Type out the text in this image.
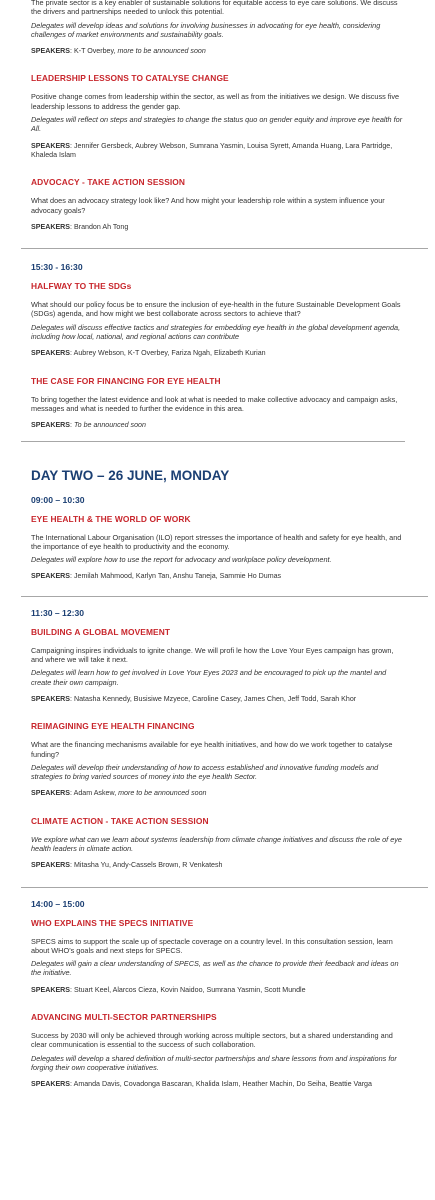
The private sector is a key enabler of sustainable solutions for equitable access to eye care solutions. We discuss the drivers and partnerships needed to unlock this potential.

Delegates will develop ideas and solutions for involving businesses in advocating for eye health, considering challenges of market environments and sustainability goals.

SPEAKERS: K-T Overbey, more to be announced soon

LEADERSHIP LESSONS TO CATALYSE CHANGE

Positive change comes from leadership within the sector, as well as from the initiatives we design. We discuss five leadership lessons to address the gender gap.

Delegates will reflect on steps and strategies to change the status quo on gender equity and improve eye health for All.

SPEAKERS: Jennifer Gersbeck, Aubrey Webson, Sumrana Yasmin, Louisa Syrett, Amanda Huang, Lara Partridge, Khaleda Islam

ADVOCACY - TAKE ACTION SESSION

What does an advocacy strategy look like? And how might your leadership role within a system influence your advocacy goals?

SPEAKERS: Brandon Ah Tong

15:30 - 16:30

HALFWAY TO THE SDGs

What should our policy focus be to ensure the inclusion of eye-health in the future Sustainable Development Goals (SDGs) agenda, and how might we best collaborate across sectors to achieve that?

Delegates will discuss effective tactics and strategies for embedding eye health in the global development agenda, including how local, national, and regional actions can contribute

SPEAKERS: Aubrey Webson, K-T Overbey, Fariza Ngah, Elizabeth Kurian

THE CASE FOR FINANCING FOR EYE HEALTH

To bring together the latest evidence and look at what is needed to make collective advocacy and campaign asks, messages and what is needed to further the evidence in this area.

SPEAKERS: To be announced soon

DAY TWO – 26 JUNE, MONDAY

09:00 – 10:30

EYE HEALTH & THE WORLD OF WORK

The International Labour Organisation (ILO) report stresses the importance of health and safety for eye health, and the importance of eye health to productivity and the economy.

Delegates will explore how to use the report for advocacy and workplace policy development.

SPEAKERS: Jemilah Mahmood, Karlyn Tan, Anshu Taneja, Sammie Ho Dumas

11:30 – 12:30

BUILDING A GLOBAL MOVEMENT

Campaigning inspires individuals to ignite change. We will profi le how the Love Your Eyes campaign has grown, and where we will take it next.

Delegates will learn how to get involved in Love Your Eyes 2023 and be encouraged to pick up the mantel and create their own campaign.

SPEAKERS: Natasha Kennedy, Busisiwe Mzyece, Caroline Casey, James Chen, Jeff Todd, Sarah Khor

REIMAGINING EYE HEALTH FINANCING

What are the financing mechanisms available for eye health initiatives, and how do we work together to catalyse funding?

Delegates will develop their understanding of how to access established and innovative funding models and strategies to bring varied sources of money into the eye health Sector.

SPEAKERS: Adam Askew, more to be announced soon

CLIMATE ACTION - TAKE ACTION SESSION

We explore what can we learn about systems leadership from climate change initiatives and discuss the role of eye health leaders in climate action.

SPEAKERS: Mitasha Yu, Andy-Cassels Brown, R Venkatesh

14:00 – 15:00

WHO EXPLAINS THE SPECS INITIATIVE

SPECS aims to support the scale up of spectacle coverage on a country level. In this consultation session, learn about WHO’s goals and next steps for SPECS.

Delegates will gain a clear understanding of SPECS, as well as the chance to provide their feedback and ideas on the initiative.

SPEAKERS: Stuart Keel, Alarcos Cieza, Kovin Naidoo, Sumrana Yasmin, Scott Mundle

ADVANCING MULTI-SECTOR PARTNERSHIPS

Success by 2030 will only be achieved through working across multiple sectors, but a shared understanding and clear communication is essential to the success of such collaboration.

Delegates will develop a shared definition of multi-sector partnerships and share lessons from and inspirations for forging their own cooperative initiatives.

SPEAKERS: Amanda Davis, Covadonga Bascaran, Khalida Islam, Heather Machin, Do Seiha, Beattie Varga
